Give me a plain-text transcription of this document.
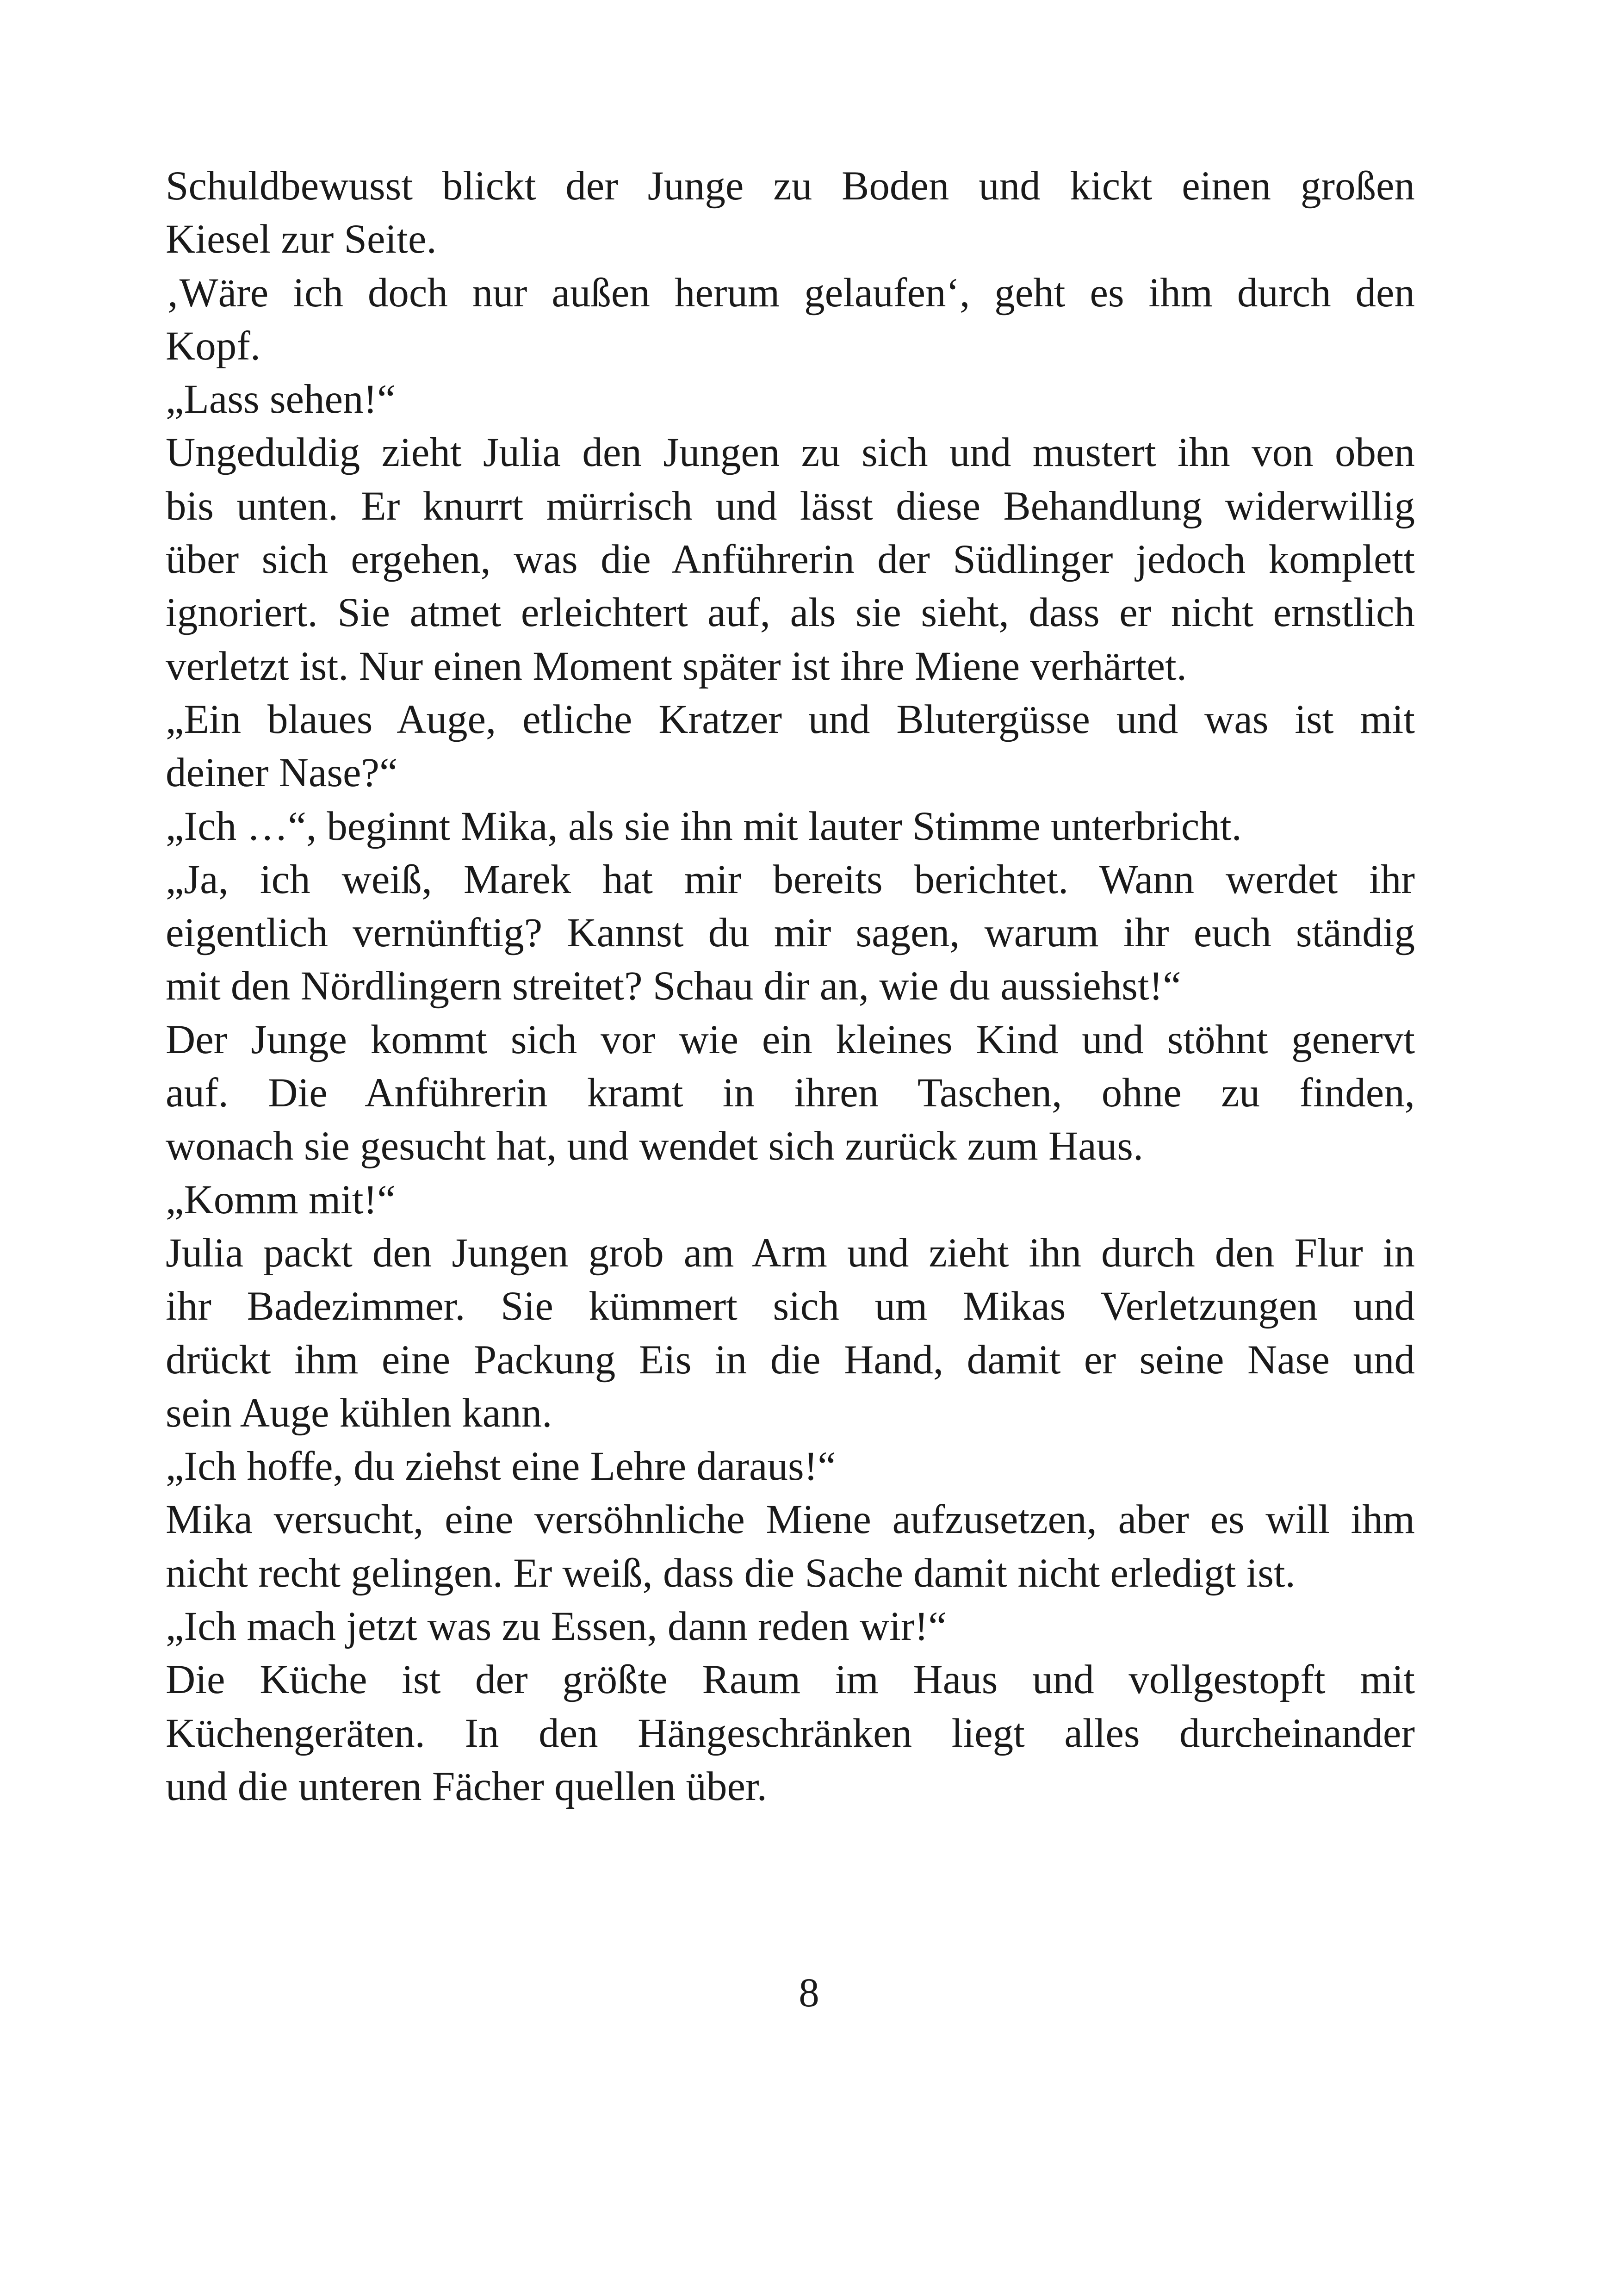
Schuldbewusst blickt der Junge zu Boden und kickt einen großen
Kiesel zur Seite.
‚Wäre ich doch nur außen herum gelaufen‘, geht es ihm durch den
Kopf.
„Lass sehen!“
Ungeduldig zieht Julia den Jungen zu sich und mustert ihn von oben
bis unten. Er knurrt mürrisch und lässt diese Behandlung widerwillig
über sich ergehen, was die Anführerin der Südlinger jedoch komplett
ignoriert. Sie atmet erleichtert auf, als sie sieht, dass er nicht ernstlich
verletzt ist. Nur einen Moment später ist ihre Miene verhärtet.
„Ein blaues Auge, etliche Kratzer und Blutergüsse und was ist mit
deiner Nase?“
„Ich …“, beginnt Mika, als sie ihn mit lauter Stimme unterbricht.
„Ja, ich weiß, Marek hat mir bereits berichtet. Wann werdet ihr
eigentlich vernünftig? Kannst du mir sagen, warum ihr euch ständig
mit den Nördlingern streitet? Schau dir an, wie du aussiehst!“
Der Junge kommt sich vor wie ein kleines Kind und stöhnt genervt
auf. Die Anführerin kramt in ihren Taschen, ohne zu finden,
wonach sie gesucht hat, und wendet sich zurück zum Haus.
„Komm mit!“
Julia packt den Jungen grob am Arm und zieht ihn durch den Flur in
ihr Badezimmer. Sie kümmert sich um Mikas Verletzungen und
drückt ihm eine Packung Eis in die Hand, damit er seine Nase und
sein Auge kühlen kann.
„Ich hoffe, du ziehst eine Lehre daraus!“
Mika versucht, eine versöhnliche Miene aufzusetzen, aber es will ihm
nicht recht gelingen. Er weiß, dass die Sache damit nicht erledigt ist.
„Ich mach jetzt was zu Essen, dann reden wir!“
Die Küche ist der größte Raum im Haus und vollgestopft mit
Küchengeräten. In den Hängeschränken liegt alles durcheinander
und die unteren Fächer quellen über.
8
